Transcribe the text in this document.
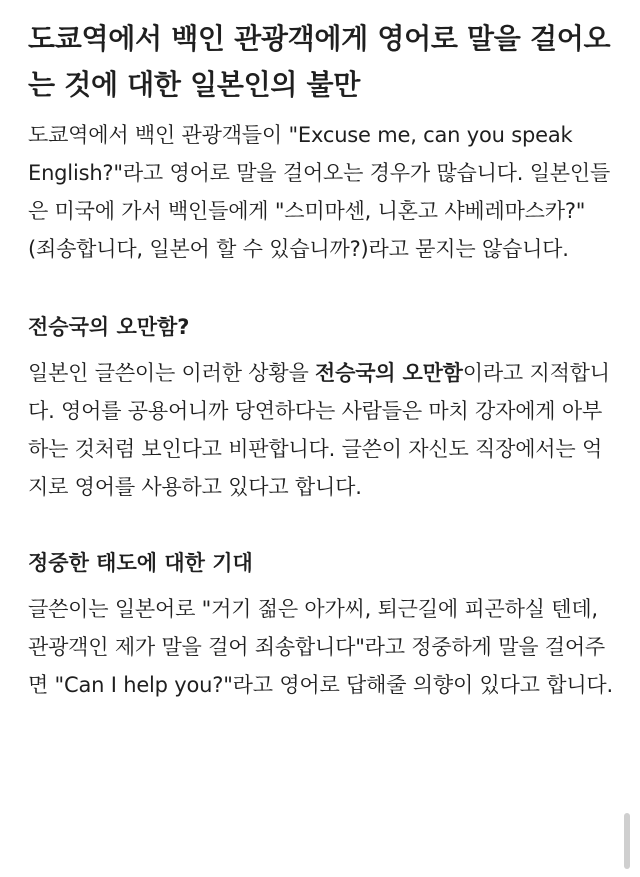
도쿄역에서 백인 관광객에게 영어로 말을 걸어오는 것에 대한 일본인의 불만

도쿄역에서 백인 관광객들이 "Excuse me, can you speak English?"라고 영어로 말을 걸어오는 경우가 많습니다. 일본인들은 미국에 가서 백인들에게 "스미마센, 니혼고 샤베레마스카?" (죄송합니다, 일본어 할 수 있습니까?)라고 묻지는 않습니다.

전승국의 오만함?

일본인 글쓴이는 이러한 상황을 전승국의 오만함이라고 지적합니다. 영어를 공용어니까 당연하다는 사람들은 마치 강자에게 아부하는 것처럼 보인다고 비판합니다. 글쓴이 자신도 직장에서는 억지로 영어를 사용하고 있다고 합니다.

정중한 태도에 대한 기대

글쓴이는 일본어로 "거기 젊은 아가씨, 퇴근길에 피곤하실 텐데, 관광객인 제가 말을 걸어 죄송합니다"라고 정중하게 말을 걸어주면 "Can I help you?"라고 영어로 답해줄 의향이 있다고 합니다.
